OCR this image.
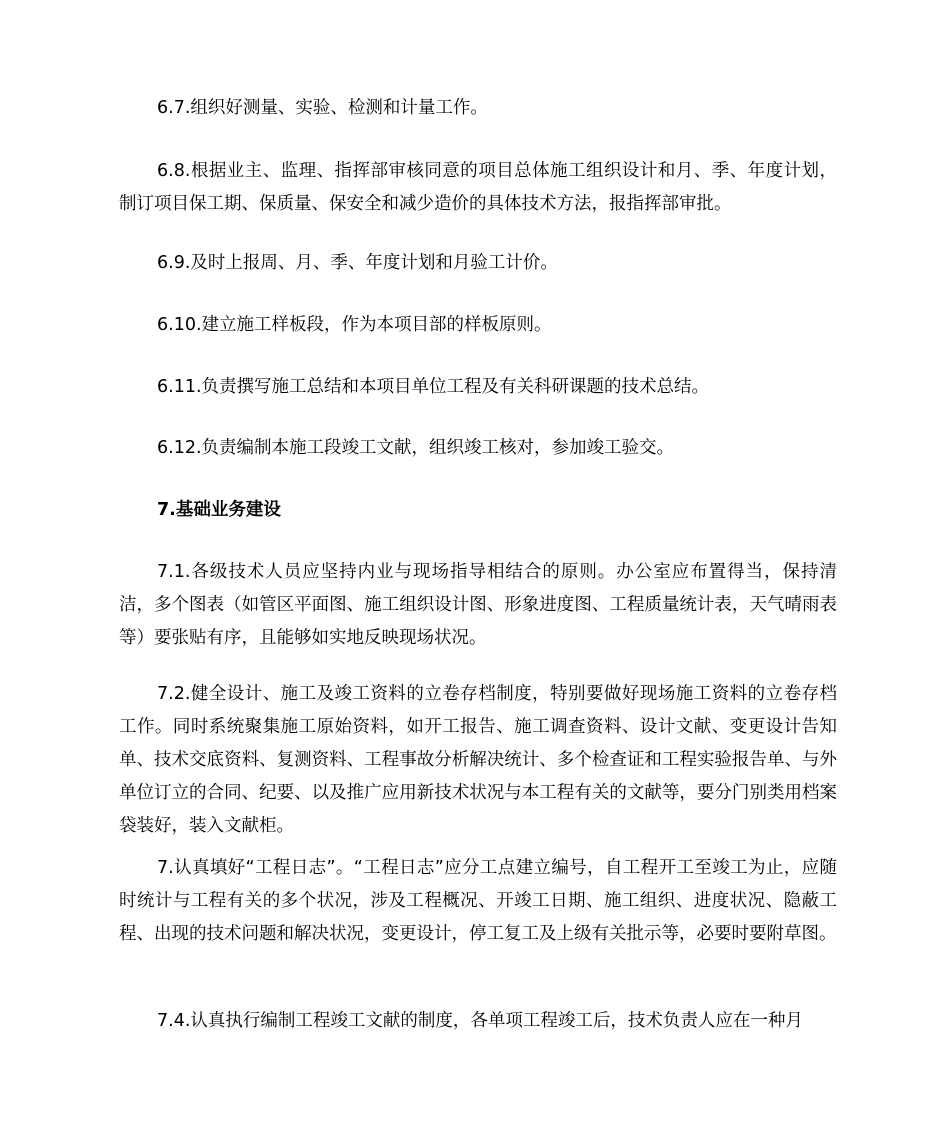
6.7.组织好测量、实验、检测和计量工作。

6.8.根据业主、监理、指挥部审核同意的项目总体施工组织设计和月、季、年度计划，制订项目保工期、保质量、保安全和减少造价的具体技术方法，报指挥部审批。

6.9.及时上报周、月、季、年度计划和月验工计价。

6.10.建立施工样板段，作为本项目部的样板原则。

6.11.负责撰写施工总结和本项目单位工程及有关科研课题的技术总结。

6.12.负责编制本施工段竣工文献，组织竣工核对，参加竣工验交。

7.基础业务建设

7.1.各级技术人员应坚持内业与现场指导相结合的原则。办公室应布置得当，保持清洁，多个图表（如管区平面图、施工组织设计图、形象进度图、工程质量统计表，天气晴雨表等）要张贴有序，且能够如实地反映现场状况。

7.2.健全设计、施工及竣工资料的立卷存档制度，特别要做好现场施工资料的立卷存档工作。同时系统聚集施工原始资料，如开工报告、施工调查资料、设计文献、变更设计告知单、技术交底资料、复测资料、工程事故分析解决统计、多个检查证和工程实验报告单、与外单位订立的合同、纪要、以及推广应用新技术状况与本工程有关的文献等，要分门别类用档案袋装好，装入文献柜。

7.认真填好“工程日志”。“工程日志”应分工点建立编号，自工程开工至竣工为止，应随时统计与工程有关的多个状况，涉及工程概况、开竣工日期、施工组织、进度状况、隐蔽工程、出现的技术问题和解决状况，变更设计，停工复工及上级有关批示等，必要时要附草图。

7.4.认真执行编制工程竣工文献的制度，各单项工程竣工后，技术负责人应在一种月
